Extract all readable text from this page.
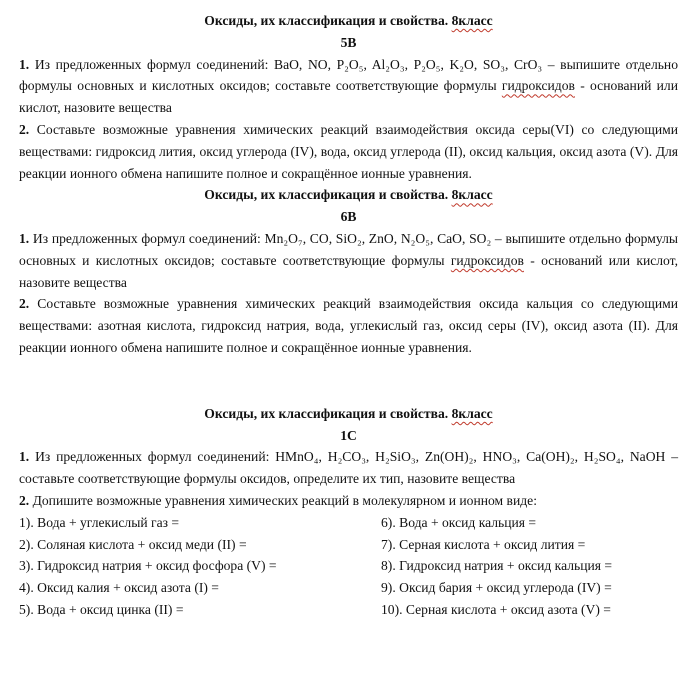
Оксиды, их классификация и свойства. 8класс

5В

1. Из предложенных формул соединений: BaO, NO, P₂O₅, Al₂O₃, P₂O₅, K₂O, SO₃, CrO₃ – выпишите отдельно формулы основных и кислотных оксидов; составьте соответствующие формулы гидроксидов - оснований или кислот, назовите вещества

2. Составьте возможные уравнения химических реакций взаимодействия оксида серы(VI) со следующими веществами: гидроксид лития, оксид углерода (IV), вода, оксид углерода (II), оксид кальция, оксид азота (V). Для реакции ионного обмена напишите полное и сокращённое ионные уравнения.

Оксиды, их классификация и свойства. 8класс

6В

1. Из предложенных формул соединений: Mn₂O₇, CO, SiO₂, ZnO, N₂O₅, CaO, SO₂ – выпишите отдельно формулы основных и кислотных оксидов; составьте соответствующие формулы гидроксидов - оснований или кислот, назовите вещества

2. Составьте возможные уравнения химических реакций взаимодействия оксида кальция со следующими веществами: азотная кислота, гидроксид натрия, вода, углекислый газ, оксид серы (IV), оксид азота (II). Для реакции ионного обмена напишите полное и сокращённое ионные уравнения.

Оксиды, их классификация и свойства. 8класс

1С

1. Из предложенных формул соединений: HMnO₄, H₂CO₃, H₂SiO₃, Zn(OH)₂, HNO₃, Ca(OH)₂, H₂SO₄, NaOH – составьте соответствующие формулы оксидов, определите их тип, назовите вещества

2. Допишите возможные уравнения химических реакций в молекулярном и ионном виде:

1). Вода + углекислый газ =	6). Вода + оксид кальция =

2). Соляная кислота + оксид меди (II) =	7). Серная кислота + оксид лития =

3). Гидроксид натрия + оксид фосфора (V) =	8). Гидроксид натрия + оксид кальция =

4). Оксид калия + оксид азота (I) =	9). Оксид бария + оксид углерода (IV) =

5). Вода + оксид цинка (II) =	10). Серная кислота + оксид азота (V) =
